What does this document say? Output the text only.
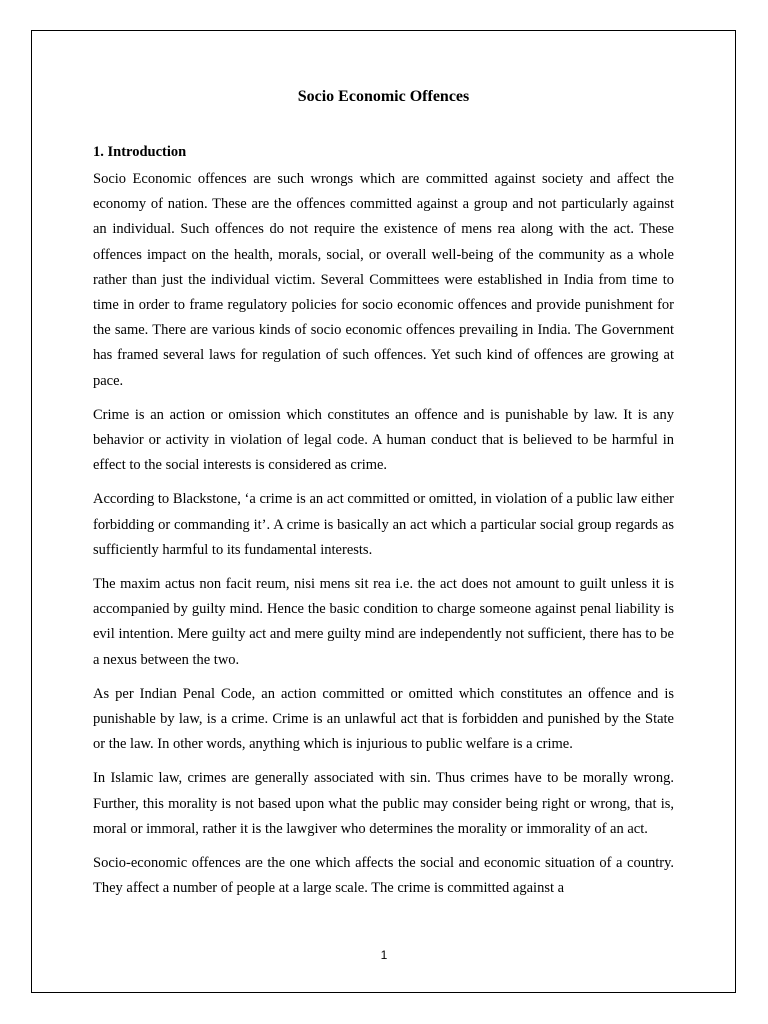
Socio Economic Offences
1. Introduction

Socio Economic offences are such wrongs which are committed against society and affect the economy of nation. These are the offences committed against a group and not particularly against an individual. Such offences do not require the existence of mens rea along with the act. These offences impact on the health, morals, social, or overall well-being of the community as a whole rather than just the individual victim. Several Committees were established in India from time to time in order to frame regulatory policies for socio economic offences and provide punishment for the same. There are various kinds of socio economic offences prevailing in India. The Government has framed several laws for regulation of such offences. Yet such kind of offences are growing at pace.

Crime is an action or omission which constitutes an offence and is punishable by law. It is any behavior or activity in violation of legal code. A human conduct that is believed to be harmful in effect to the social interests is considered as crime.

According to Blackstone, ‘a crime is an act committed or omitted, in violation of a public law either forbidding or commanding it’. A crime is basically an act which a particular social group regards as sufficiently harmful to its fundamental interests.

The maxim actus non facit reum, nisi mens sit rea i.e. the act does not amount to guilt unless it is accompanied by guilty mind. Hence the basic condition to charge someone against penal liability is evil intention. Mere guilty act and mere guilty mind are independently not sufficient, there has to be a nexus between the two.

As per Indian Penal Code, an action committed or omitted which constitutes an offence and is punishable by law, is a crime. Crime is an unlawful act that is forbidden and punished by the State or the law. In other words, anything which is injurious to public welfare is a crime.

In Islamic law, crimes are generally associated with sin. Thus crimes have to be morally wrong. Further, this morality is not based upon what the public may consider being right or wrong, that is, moral or immoral, rather it is the lawgiver who determines the morality or immorality of an act.

Socio-economic offences are the one which affects the social and economic situation of a country. They affect a number of people at a large scale. The crime is committed against a

1
